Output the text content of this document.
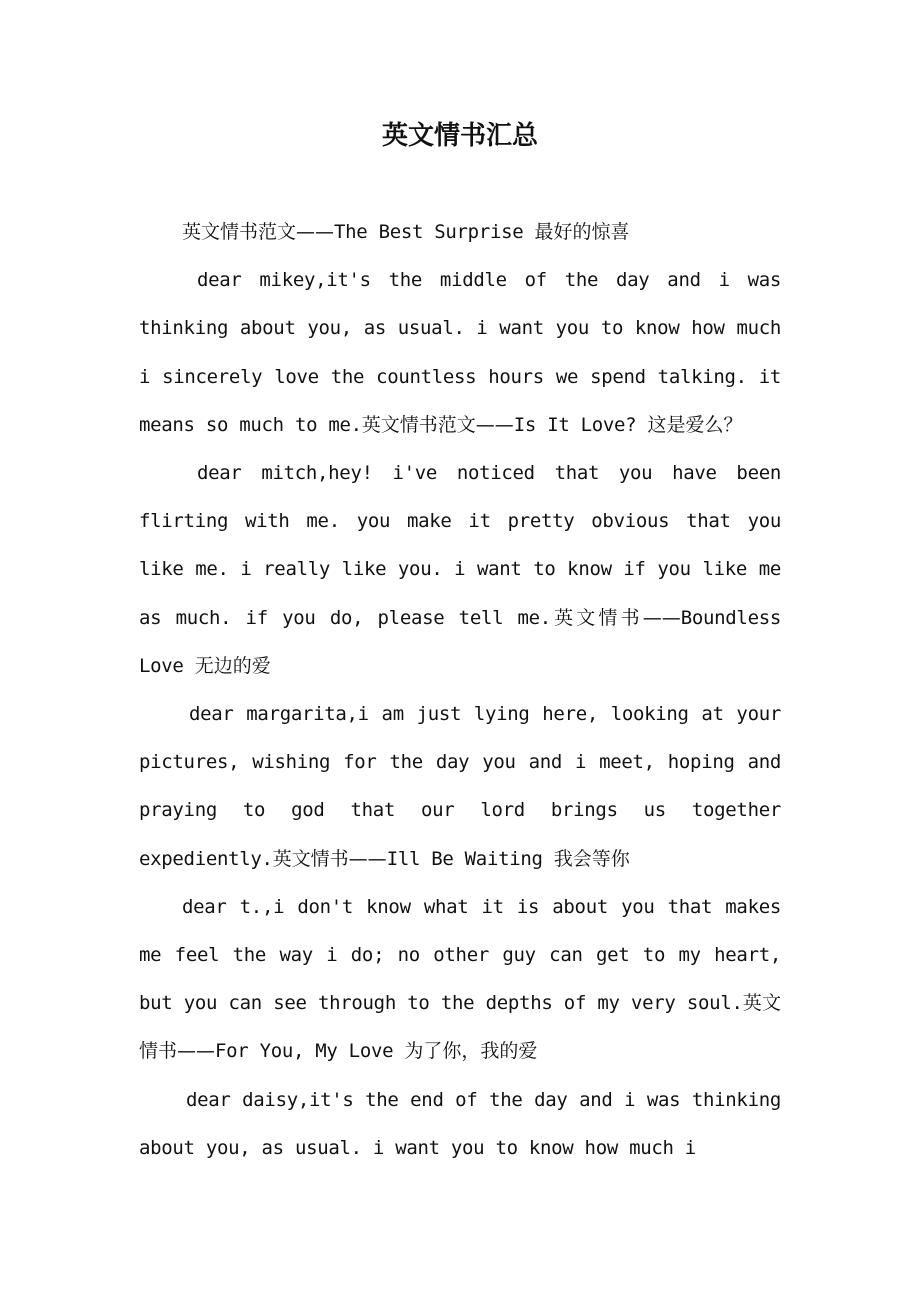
英文情书汇总

英文情书范文——The Best Surprise 最好的惊喜

dear mikey,it's the middle of the day and i was thinking about you, as usual. i want you to know how much i sincerely love the countless hours we spend talking. it means so much to me.英文情书范文——Is It Love? 这是爱么？

dear mitch,hey! i've noticed that you have been flirting with me. you make it pretty obvious that you like me. i really like you. i want to know if you like me as much. if you do, please tell me.英文情书——Boundless Love 无边的爱

dear margarita,i am just lying here, looking at your pictures, wishing for the day you and i meet, hoping and praying to god that our lord brings us together expediently.英文情书——Ill Be Waiting 我会等你

dear t.,i don't know what it is about you that makes me feel the way i do; no other guy can get to my heart, but you can see through to the depths of my very soul.英文情书——For You, My Love 为了你，我的爱

dear daisy,it's the end of the day and i was thinking about you, as usual. i want you to know how much i
